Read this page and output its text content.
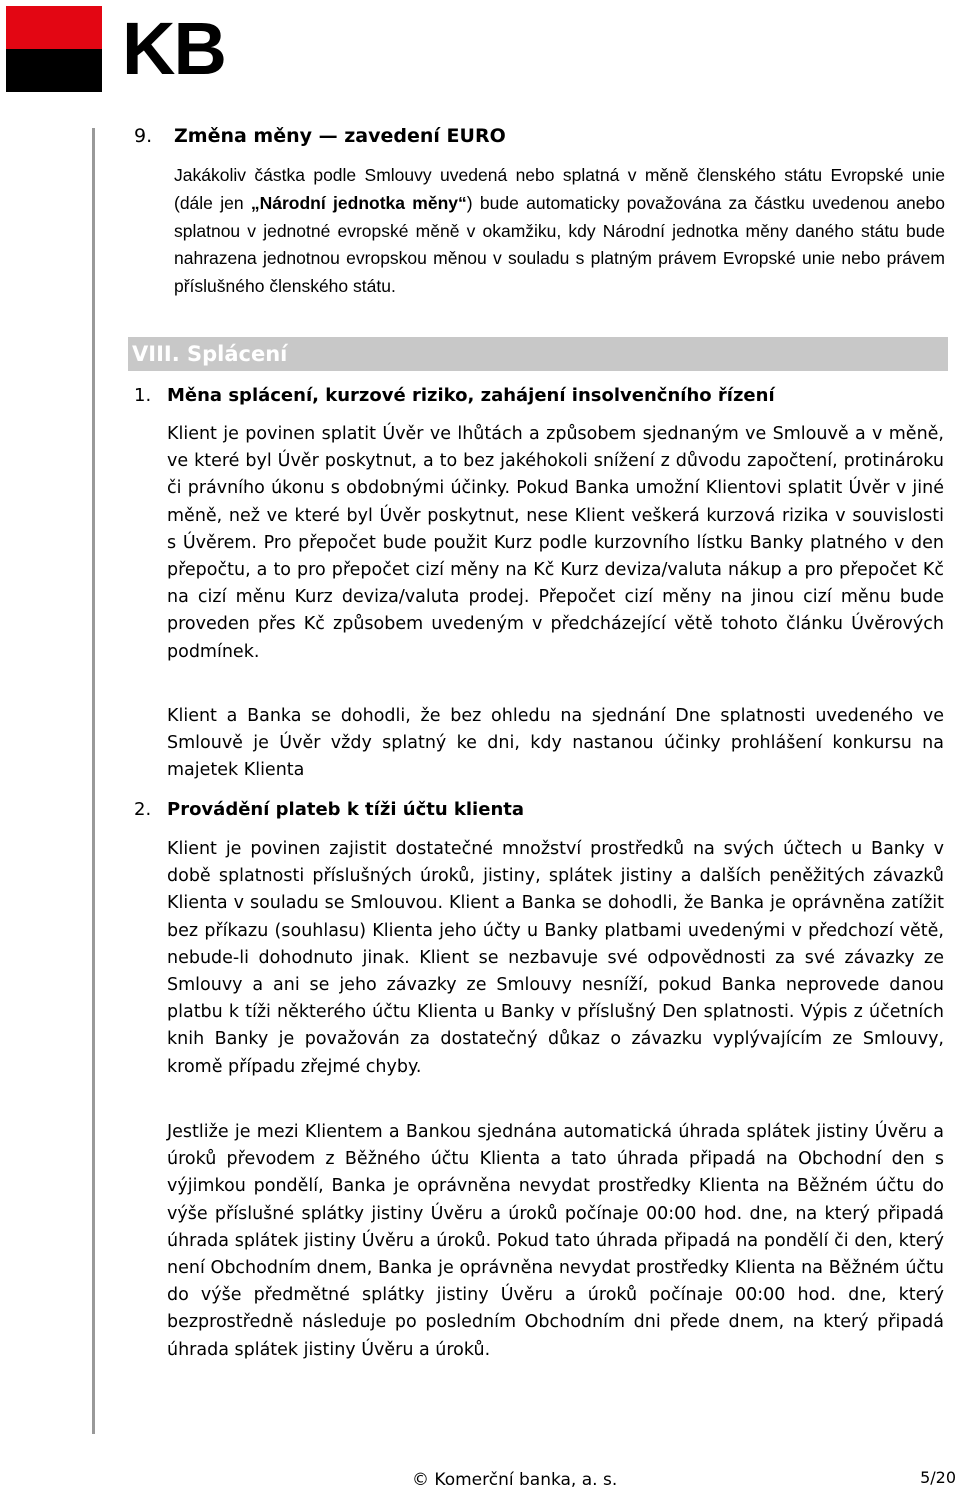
KB
9. Změna měny — zavedení EURO
Jakákoliv částka podle Smlouvy uvedená nebo splatná v měně členského státu Evropské unie (dále jen „Národní jednotka měny“) bude automaticky považována za částku uvedenou anebo splatnou v jednotné evropské měně v okamžiku, kdy Národní jednotka měny daného státu bude nahrazena jednotnou evropskou měnou v souladu s platným právem Evropské unie nebo právem příslušného členského státu.
VIII. Splácení
1. Měna splácení, kurzové riziko, zahájení insolvenčního řízení
Klient je povinen splatit Úvěr ve lhůtách a způsobem sjednaným ve Smlouvě a v měně, ve které byl Úvěr poskytnut, a to bez jakéhokoli snížení z důvodu započtení, protinároku či právního úkonu s obdobnými účinky. Pokud Banka umožní Klientovi splatit Úvěr v jiné měně, než ve které byl Úvěr poskytnut, nese Klient veškerá kurzová rizika v souvislosti s Úvěrem. Pro přepočet bude použit Kurz podle kurzovního lístku Banky platného v den přepočtu, a to pro přepočet cizí měny na Kč Kurz deviza/valuta nákup a pro přepočet Kč na cizí měnu Kurz deviza/valuta prodej. Přepočet cizí měny na jinou cizí měnu bude proveden přes Kč způsobem uvedeným v předcházející větě tohoto článku Úvěrových podmínek.
Klient a Banka se dohodli, že bez ohledu na sjednání Dne splatnosti uvedeného ve Smlouvě je Úvěr vždy splatný ke dni, kdy nastanou účinky prohlášení konkursu na majetek Klienta
2. Provádění plateb k tíži účtu klienta
Klient je povinen zajistit dostatečné množství prostředků na svých účtech u Banky v době splatnosti příslušných úroků, jistiny, splátek jistiny a dalších peněžitých závazků Klienta v souladu se Smlouvou. Klient a Banka se dohodli, že Banka je oprávněna zatížit bez příkazu (souhlasu) Klienta jeho účty u Banky platbami uvedenými v předchozí větě, nebude-li dohodnuto jinak. Klient se nezbavuje své odpovědnosti za své závazky ze Smlouvy a ani se jeho závazky ze Smlouvy nesníží, pokud Banka neprovede danou platbu k tíži některého účtu Klienta u Banky v příslušný Den splatnosti. Výpis z účetních knih Banky je považován za dostatečný důkaz o závazku vyplývajícím ze Smlouvy, kromě případu zřejmé chyby.
Jestliže je mezi Klientem a Bankou sjednána automatická úhrada splátek jistiny Úvěru a úroků převodem z Běžného účtu Klienta a tato úhrada připadá na Obchodní den s výjimkou pondělí, Banka je oprávněna nevydat prostředky Klienta na Běžném účtu do výše příslušné splátky jistiny Úvěru a úroků počínaje 00:00 hod. dne, na který připadá úhrada splátek jistiny Úvěru a úroků. Pokud tato úhrada připadá na pondělí či den, který není Obchodním dnem, Banka je oprávněna nevydat prostředky Klienta na Běžném účtu do výše předmětné splátky jistiny Úvěru a úroků počínaje 00:00 hod. dne, který bezprostředně následuje po posledním Obchodním dni přede dnem, na který připadá úhrada splátek jistiny Úvěru a úroků.
© Komerční banka, a. s.	5/20
